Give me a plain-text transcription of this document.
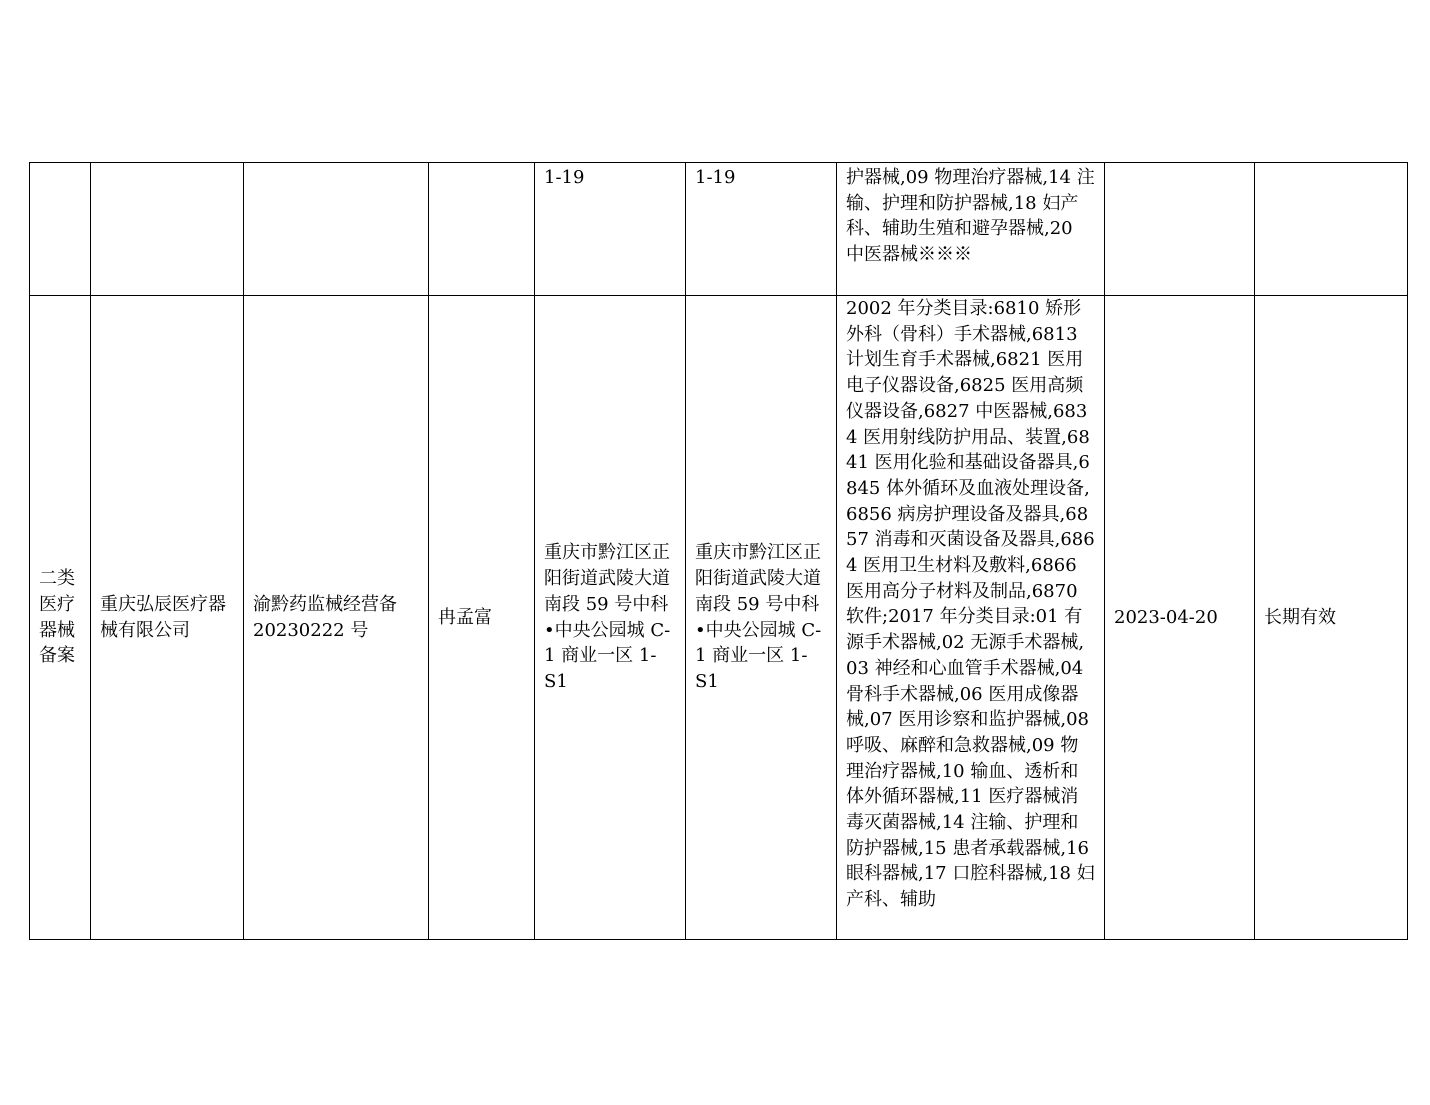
				1-19	1-19	护器械,09 物理治疗器械,14 注输、护理和防护器械,18 妇产科、辅助生殖和避孕器械,20 中医器械※※※		
二类医疗器械备案	重庆弘辰医疗器械有限公司	渝黔药监械经营备20230222 号	冉孟富	重庆市黔江区正阳街道武陵大道南段 59 号中科•中央公园城 C-1 商业一区 1-S1	重庆市黔江区正阳街道武陵大道南段 59 号中科•中央公园城 C-1 商业一区 1-S1	2002 年分类目录:6810 矫形外科（骨科）手术器械,6813 计划生育手术器械,6821 医用电子仪器设备,6825 医用高频仪器设备,6827 中医器械,6834 医用射线防护用品、装置,6841 医用化验和基础设备器具,6845 体外循环及血液处理设备,6856 病房护理设备及器具,6857 消毒和灭菌设备及器具,6864 医用卫生材料及敷料,6866 医用高分子材料及制品,6870 软件;2017 年分类目录:01 有源手术器械,02 无源手术器械,03 神经和心血管手术器械,04 骨科手术器械,06 医用成像器械,07 医用诊察和监护器械,08 呼吸、麻醉和急救器械,09 物理治疗器械,10 输血、透析和体外循环器械,11 医疗器械消毒灭菌器械,14 注输、护理和防护器械,15 患者承载器械,16 眼科器械,17 口腔科器械,18 妇产科、辅助	2023-04-20	长期有效
